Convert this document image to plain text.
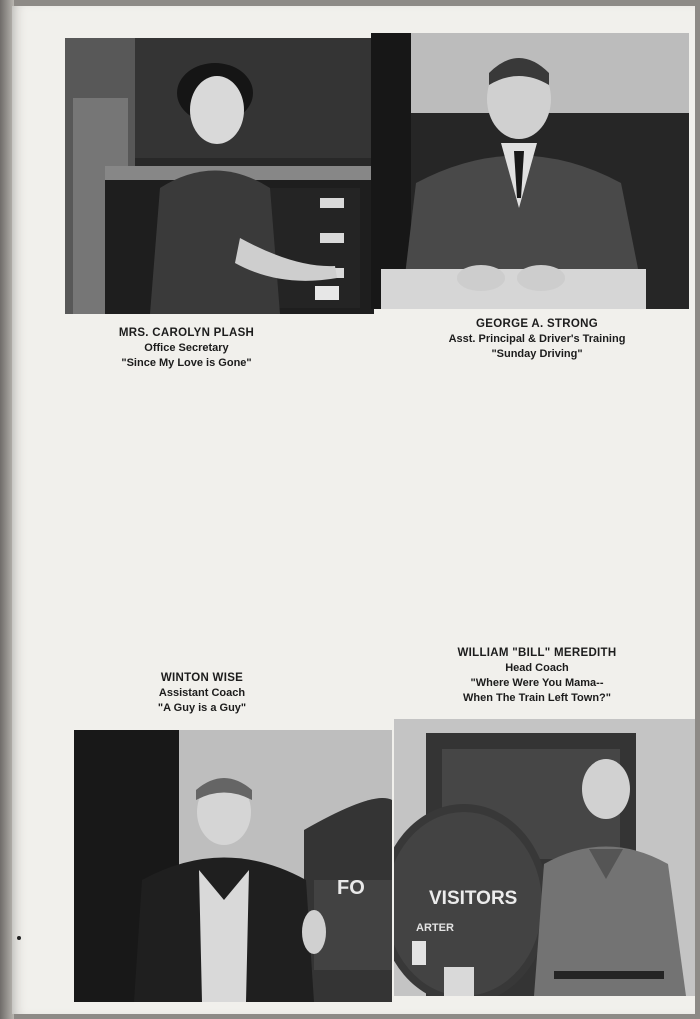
MRS. CAROLYN PLASH
Office Secretary
"Since My Love is Gone"
GEORGE A. STRONG
Asst. Principal & Driver's Training
"Sunday Driving"
WINTON WISE
Assistant Coach
"A Guy is a Guy"
WILLIAM "BILL" MEREDITH
Head Coach
"Where Were You Mama--
When The Train Left Town?"
FO	VISITORS
ARTER
